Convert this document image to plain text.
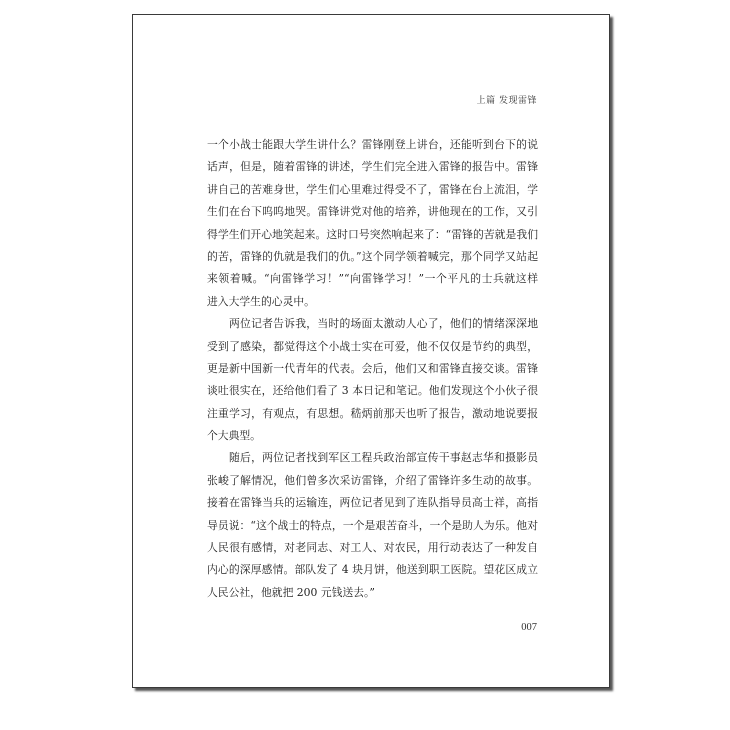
上篇 发现雷锋
一个小战士能跟大学生讲什么？雷锋刚登上讲台，还能听到台下的说
话声，但是，随着雷锋的讲述，学生们完全进入雷锋的报告中。雷锋
讲自己的苦难身世，学生们心里难过得受不了，雷锋在台上流泪，学
生们在台下呜呜地哭。雷锋讲党对他的培养，讲他现在的工作，又引
得学生们开心地笑起来。这时口号突然响起来了：“雷锋的苦就是我们
的苦，雷锋的仇就是我们的仇。”这个同学领着喊完，那个同学又站起
来领着喊。“向雷锋学习！”“向雷锋学习！”一个平凡的士兵就这样
进入大学生的心灵中。
两位记者告诉我，当时的场面太激动人心了，他们的情绪深深地
受到了感染，都觉得这个小战士实在可爱，他不仅仅是节约的典型，
更是新中国新一代青年的代表。会后，他们又和雷锋直接交谈。雷锋
谈吐很实在，还给他们看了 3 本日记和笔记。他们发现这个小伙子很
注重学习，有观点，有思想。嵇炳前那天也听了报告，激动地说要报
个大典型。
随后，两位记者找到军区工程兵政治部宣传干事赵志华和摄影员
张峻了解情况，他们曾多次采访雷锋，介绍了雷锋许多生动的故事。
接着在雷锋当兵的运输连，两位记者见到了连队指导员高士祥，高指
导员说：“这个战士的特点，一个是艰苦奋斗，一个是助人为乐。他对
人民很有感情，对老同志、对工人、对农民，用行动表达了一种发自
内心的深厚感情。部队发了 4 块月饼，他送到职工医院。望花区成立
人民公社，他就把 200 元钱送去。”
007
